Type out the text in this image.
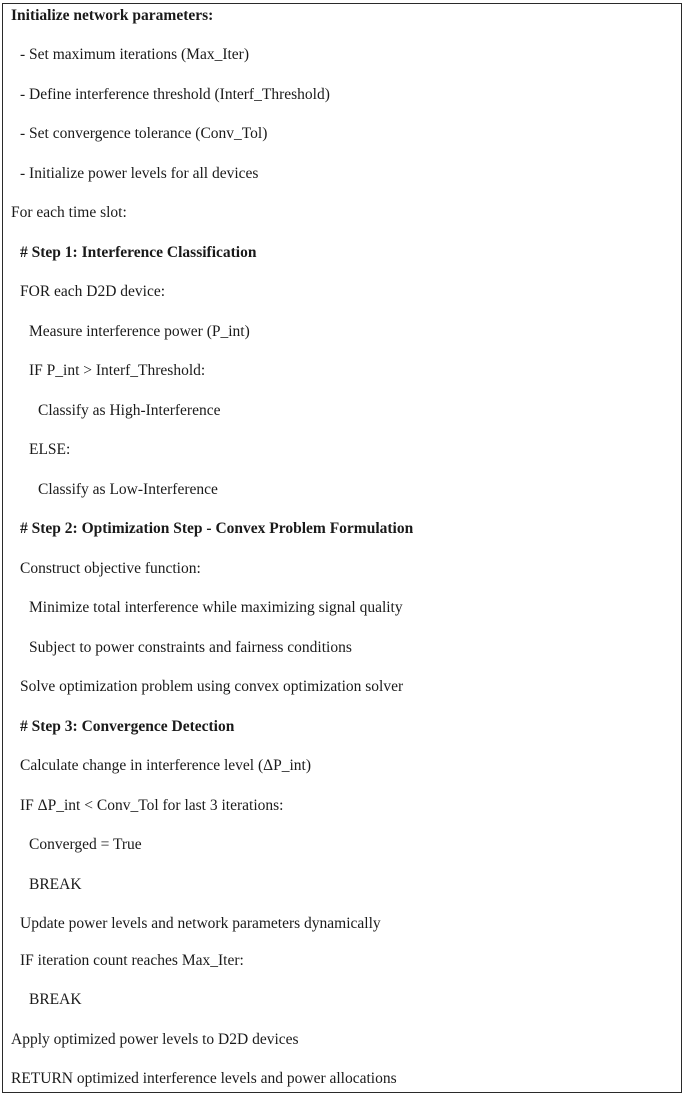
Initialize network parameters:
- Set maximum iterations (Max_Iter)
- Define interference threshold (Interf_Threshold)
- Set convergence tolerance (Conv_Tol)
- Initialize power levels for all devices
For each time slot:
# Step 1: Interference Classification
FOR each D2D device:
Measure interference power (P_int)
IF P_int > Interf_Threshold:
Classify as High-Interference
ELSE:
Classify as Low-Interference
# Step 2: Optimization Step - Convex Problem Formulation
Construct objective function:
Minimize total interference while maximizing signal quality
Subject to power constraints and fairness conditions
Solve optimization problem using convex optimization solver
# Step 3: Convergence Detection
Calculate change in interference level (ΔP_int)
IF ΔP_int < Conv_Tol for last 3 iterations:
Converged = True
BREAK
Update power levels and network parameters dynamically
IF iteration count reaches Max_Iter:
BREAK
Apply optimized power levels to D2D devices
RETURN optimized interference levels and power allocations
